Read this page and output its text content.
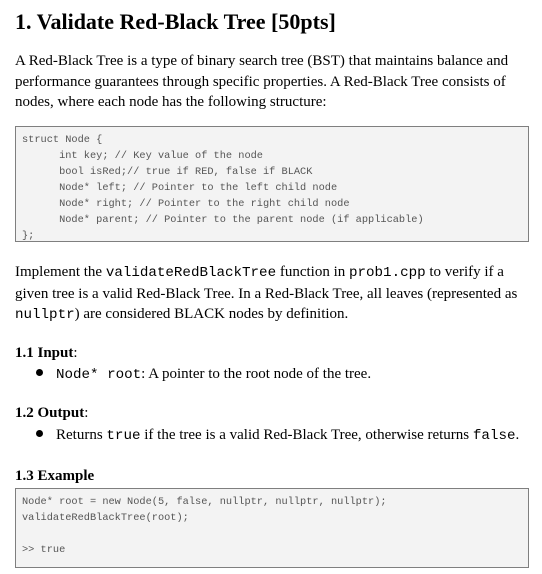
1. Validate Red-Black Tree [50pts]
A Red-Black Tree is a type of binary search tree (BST) that maintains balance and performance guarantees through specific properties. A Red-Black Tree consists of nodes, where each node has the following structure:
struct Node {
int key; // Key value of the node
bool isRed;// true if RED, false if BLACK
Node* left; // Pointer to the left child node
Node* right; // Pointer to the right child node
Node* parent; // Pointer to the parent node (if applicable)
};
Implement the validateRedBlackTree function in prob1.cpp to verify if a given tree is a valid Red-Black Tree. In a Red-Black Tree, all leaves (represented as nullptr) are considered BLACK nodes by definition.
1.1 Input:
Node* root: A pointer to the root node of the tree.
1.2 Output:
Returns true if the tree is a valid Red-Black Tree, otherwise returns false.
1.3 Example
Node* root = new Node(5, false, nullptr, nullptr, nullptr);
validateRedBlackTree(root);
>> true
